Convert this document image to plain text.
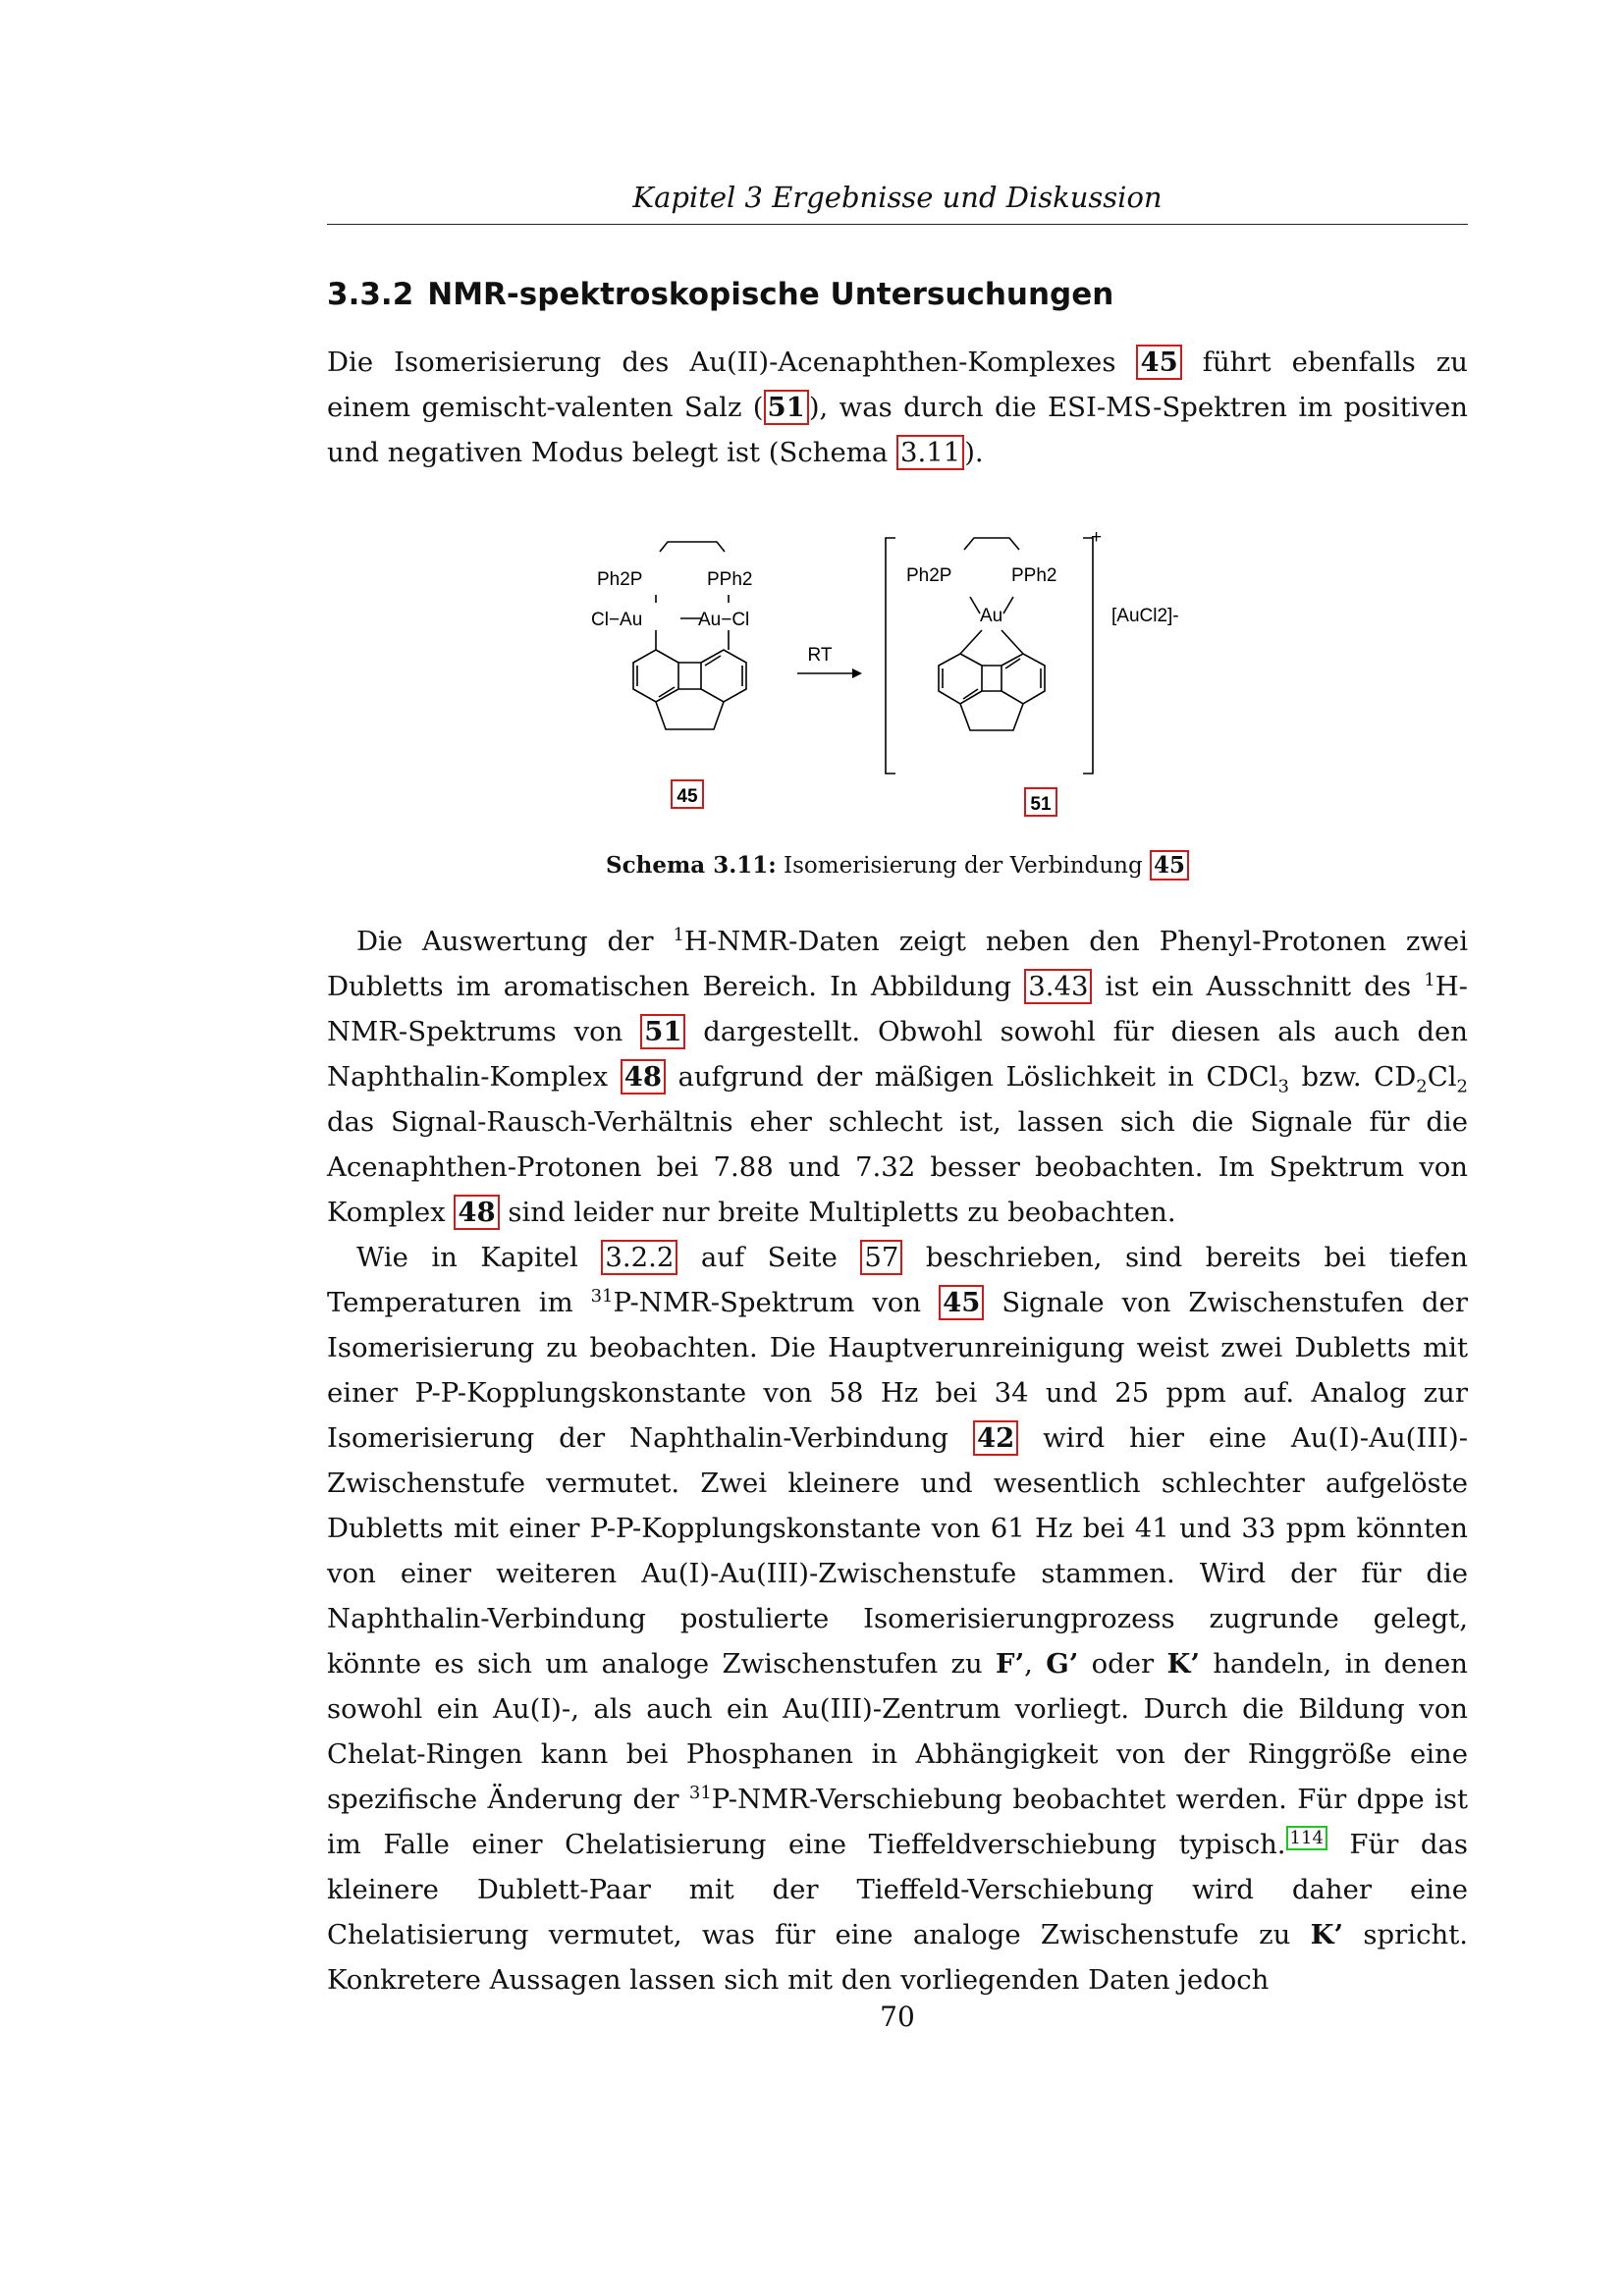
Kapitel 3 Ergebnisse und Diskussion
3.3.2 NMR-spektroskopische Untersuchungen

Die Isomerisierung des Au(II)-Acenaphthen-Komplexes 45 führt ebenfalls zu einem gemischt-valenten Salz ( 51 ), was durch die ESI-MS-Spektren im positiven und negativen Modus belegt ist (Schema 3.11 ).

Ph2P	PPh2
Cl−Au	Au−Cl
45
RT
Ph2P	PPh2
Au
+
[AuCl2]-
51
Schema 3.11: Isomerisierung der Verbindung 45

Die Auswertung der $^1$H-NMR-Daten zeigt neben den Phenyl-Protonen zwei Dubletts im aromatischen Bereich. In Abbildung 3.43 ist ein Ausschnitt des $^1$H-NMR-Spektrums von 51 dargestellt. Obwohl sowohl für diesen als auch den Naphthalin-Komplex 48 aufgrund der mäßigen Löslichkeit in CDCl$_3$ bzw. $CD_2Cl_2$ das Signal-Rausch-Verhältnis eher schlecht ist, lassen sich die Signale für die Acenaphthen-Protonen bei 7.88 und 7.32 besser beobachten. Im Spektrum von Komplex 48 sind leider nur breite Multipletts zu beobachten.

Wie in Kapitel 3.2.2 auf Seite 57 beschrieben, sind bereits bei tiefen Temperaturen im $^{31}$P-NMR-Spektrum von 45 Signale von Zwischenstufen der Isomerisierung zu beobachten. Die Hauptverunreinigung weist zwei Dubletts mit einer P-P-Kopplungskonstante von 58 Hz bei 34 und 25 ppm auf. Analog zur Isomerisierung der Naphthalin-Verbindung 42 wird hier eine Au(I)-Au(III)-Zwischenstufe vermutet. Zwei kleinere und wesentlich schlechter aufgelöste Dubletts mit einer P-P-Kopplungskonstante von 61 Hz bei 41 und 33 ppm könnten von einer weiteren Au(I)-Au(III)-Zwischenstufe stammen. Wird der für die Naphthalin-Verbindung postulierte Isomerisierungprozess zugrunde gelegt, könnte es sich um analoge Zwischenstufen zu F’, G’ oder K’ handeln, in denen sowohl ein Au(I)-, als auch ein Au(III)-Zentrum vorliegt. Durch die Bildung von Chelat-Ringen kann bei Phosphanen in Abhängigkeit von der Ringgröße eine spezifische Änderung der $^{31}$P-NMR-Verschiebung beobachtet werden. Für dppe ist im Falle einer Chelatisierung eine Tieffeldverschiebung typisch. $^{114}$ Für das kleinere Dublett-Paar mit der Tieffeld-Verschiebung wird daher eine Chelatisierung vermutet, was für eine analoge Zwischenstufe zu K’ spricht. Konkretere Aussagen lassen sich mit den vorliegenden Daten jedoch

70
